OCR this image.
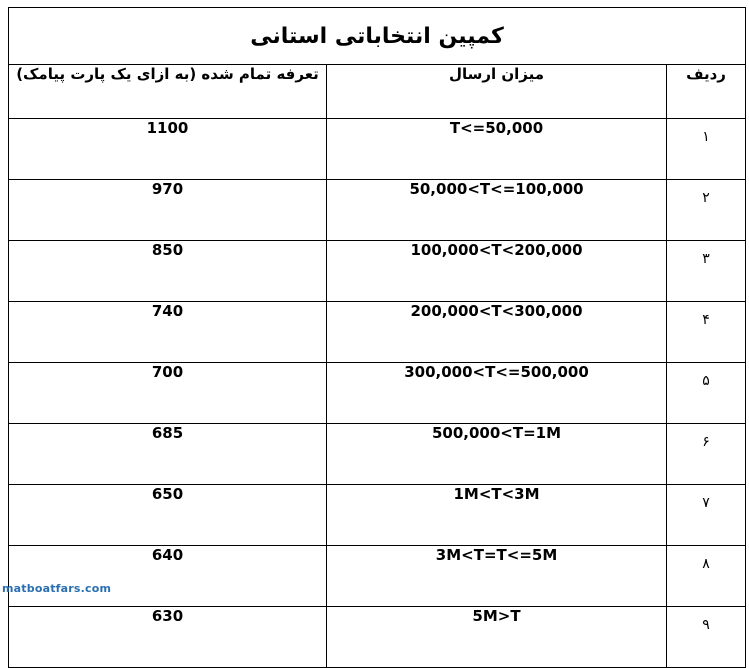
کمپین انتخاباتی استانی		
ردیف	میزان ارسال	تعرفه تمام شده (به ازای یک پارت پیامک)
۱	T<=50,000	1100
۲	50,000<T<=100,000	970
۳	100,000<T<200,000	850
۴	200,000<T<300,000	740
۵	300,000<T<=500,000	700
۶	500,000<T=1M	685
۷	1M<T<3M	650
۸	3M<T=T<=5M	640
۹	5M>T	630
matboatfars.com
